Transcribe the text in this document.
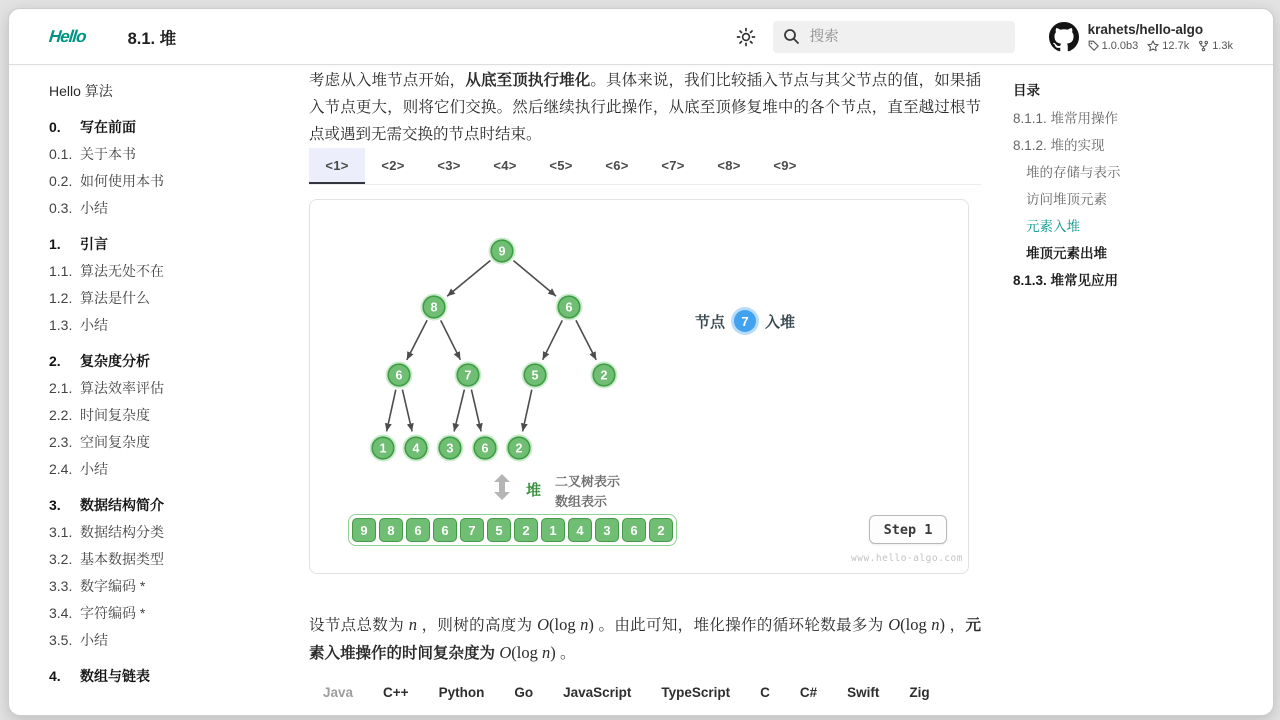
Hello 8.1. 堆
搜索
krahets/hello-algo
1.0.0b3 12.7k 1.3k
Hello 算法
0.	写在前面
0.1. 关于本书
0.2. 如何使用本书
0.3. 小结
1.	引言
1.1. 算法无处不在
1.2. 算法是什么
1.3. 小结
2.	复杂度分析
2.1. 算法效率评估
2.2. 时间复杂度
2.3. 空间复杂度
2.4. 小结
3.	数据结构简介
3.1. 数据结构分类
3.2. 基本数据类型
3.3. 数字编码 *
3.4. 字符编码 *
3.5. 小结
4.	数组与链表

考虑从入堆节点开始，从底至顶执行堆化。具体来说，我们比较插入节点与其父节点的值，如果插入节点更大，则将它们交换。然后继续执行此操作，从底至顶修复堆中的各个节点，直至越过根节点或遇到无需交换的节点时结束。

<1>	<2>	<3>	<4>	<5>	<6>	<7>	<8>	<9>
9
8	6
6	7	5	2
1 4 3 6 2
节点	7	入堆
堆
二叉树表示
数组表示
9	8	6	6	7	5	2	1	4	3	6	2	Step 1
www.hello-algo.com

设节点总数为 n ，则树的高度为 O(log n) 。由此可知，堆化操作的循环轮数最多为 O(log n) ，元素入堆操作的时间复杂度为 O(log n) 。

Java C++ Python Go JavaScript TypeScript C C# Swift Zig
目录
8.1.1. 堆常用操作
8.1.2. 堆的实现
堆的存储与表示
访问堆顶元素
元素入堆
堆顶元素出堆
8.1.3. 堆常见应用
